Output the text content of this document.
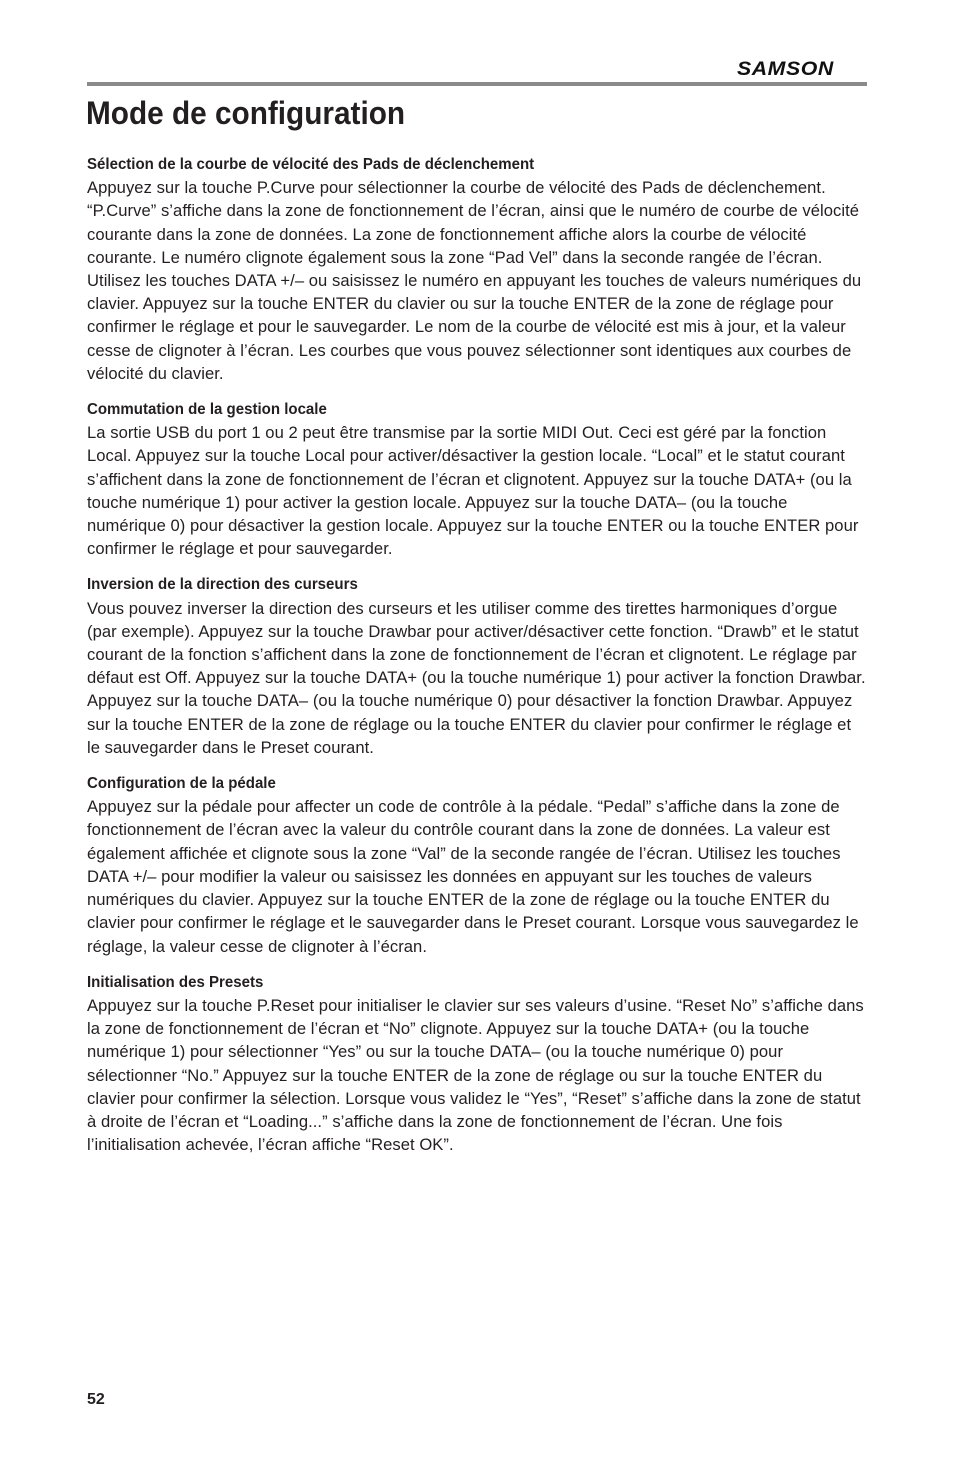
SAMSON
Mode de configuration
Sélection de la courbe de vélocité des Pads de déclenchement

Appuyez sur la touche P.Curve pour sélectionner la courbe de vélocité des Pads de déclenchement. “P.Curve” s’affiche dans la zone de fonctionnement de l’écran, ainsi que le numéro de courbe de vélocité courante dans la zone de données. La zone de fonctionnement affiche alors la courbe de vélocité courante. Le numéro clignote également sous la zone “Pad Vel” dans la seconde rangée de l’écran. Utilisez les touches DATA +/– ou saisissez le numéro en appuyant les touches de valeurs numériques du clavier. Appuyez sur la touche ENTER du clavier ou sur la touche ENTER de la zone de réglage pour confirmer le réglage et pour le sauvegarder. Le nom de la courbe de vélocité est mis à jour, et la valeur cesse de clignoter à l’écran. Les courbes que vous pouvez sélectionner sont identiques aux courbes de vélocité du clavier.

Commutation de la gestion locale

La sortie USB du port 1 ou 2 peut être transmise par la sortie MIDI Out. Ceci est géré par la fonction Local. Appuyez sur la touche Local pour activer/désactiver la gestion locale. “Local” et le statut courant s’affichent dans la zone de fonctionnement de l’écran et clignotent. Appuyez sur la touche DATA+ (ou la touche numérique 1) pour activer la gestion locale. Appuyez sur la touche DATA– (ou la touche numérique 0) pour désactiver la gestion locale. Appuyez sur la touche ENTER ou la touche ENTER pour confirmer le réglage et pour sauvegarder.

Inversion de la direction des curseurs

Vous pouvez inverser la direction des curseurs et les utiliser comme des tirettes harmoniques d’orgue (par exemple). Appuyez sur la touche Drawbar pour activer/désactiver cette fonction. “Drawb” et le statut courant de la fonction s’affichent dans la zone de fonctionnement de l’écran et clignotent. Le réglage par défaut est Off. Appuyez sur la touche DATA+ (ou la touche numérique 1) pour activer la fonction Drawbar. Appuyez sur la touche DATA– (ou la touche numérique 0) pour désactiver la fonction Drawbar. Appuyez sur la touche ENTER de la zone de réglage ou la touche ENTER du clavier pour confirmer le réglage et le sauvegarder dans le Preset courant.

Configuration de la pédale

Appuyez sur la pédale pour affecter un code de contrôle à la pédale. “Pedal” s’affiche dans la zone de fonctionnement de l’écran avec la valeur du contrôle courant dans la zone de données. La valeur est également affichée et clignote sous la zone “Val” de la seconde rangée de l’écran. Utilisez les touches DATA +/– pour modifier la valeur ou saisissez les données en appuyant sur les touches de valeurs numériques du clavier. Appuyez sur la touche ENTER de la zone de réglage ou la touche ENTER du clavier pour confirmer le réglage et le sauvegarder dans le Preset courant. Lorsque vous sauvegardez le réglage, la valeur cesse de clignoter à l’écran.

Initialisation des Presets

Appuyez sur la touche P.Reset pour initialiser le clavier sur ses valeurs d’usine. “Reset No” s’affiche dans la zone de fonctionnement de l’écran et “No” clignote. Appuyez sur la touche DATA+ (ou la touche numérique 1) pour sélectionner “Yes” ou sur la touche DATA– (ou la touche numérique 0) pour sélectionner “No.” Appuyez sur la touche ENTER de la zone de réglage ou sur la touche ENTER du clavier pour confirmer la sélection. Lorsque vous validez le “Yes”, “Reset” s’affiche dans la zone de statut à droite de l’écran et “Loading...” s’affiche dans la zone de fonctionnement de l’écran. Une fois l’initialisation achevée, l’écran affiche “Reset OK”.

52
